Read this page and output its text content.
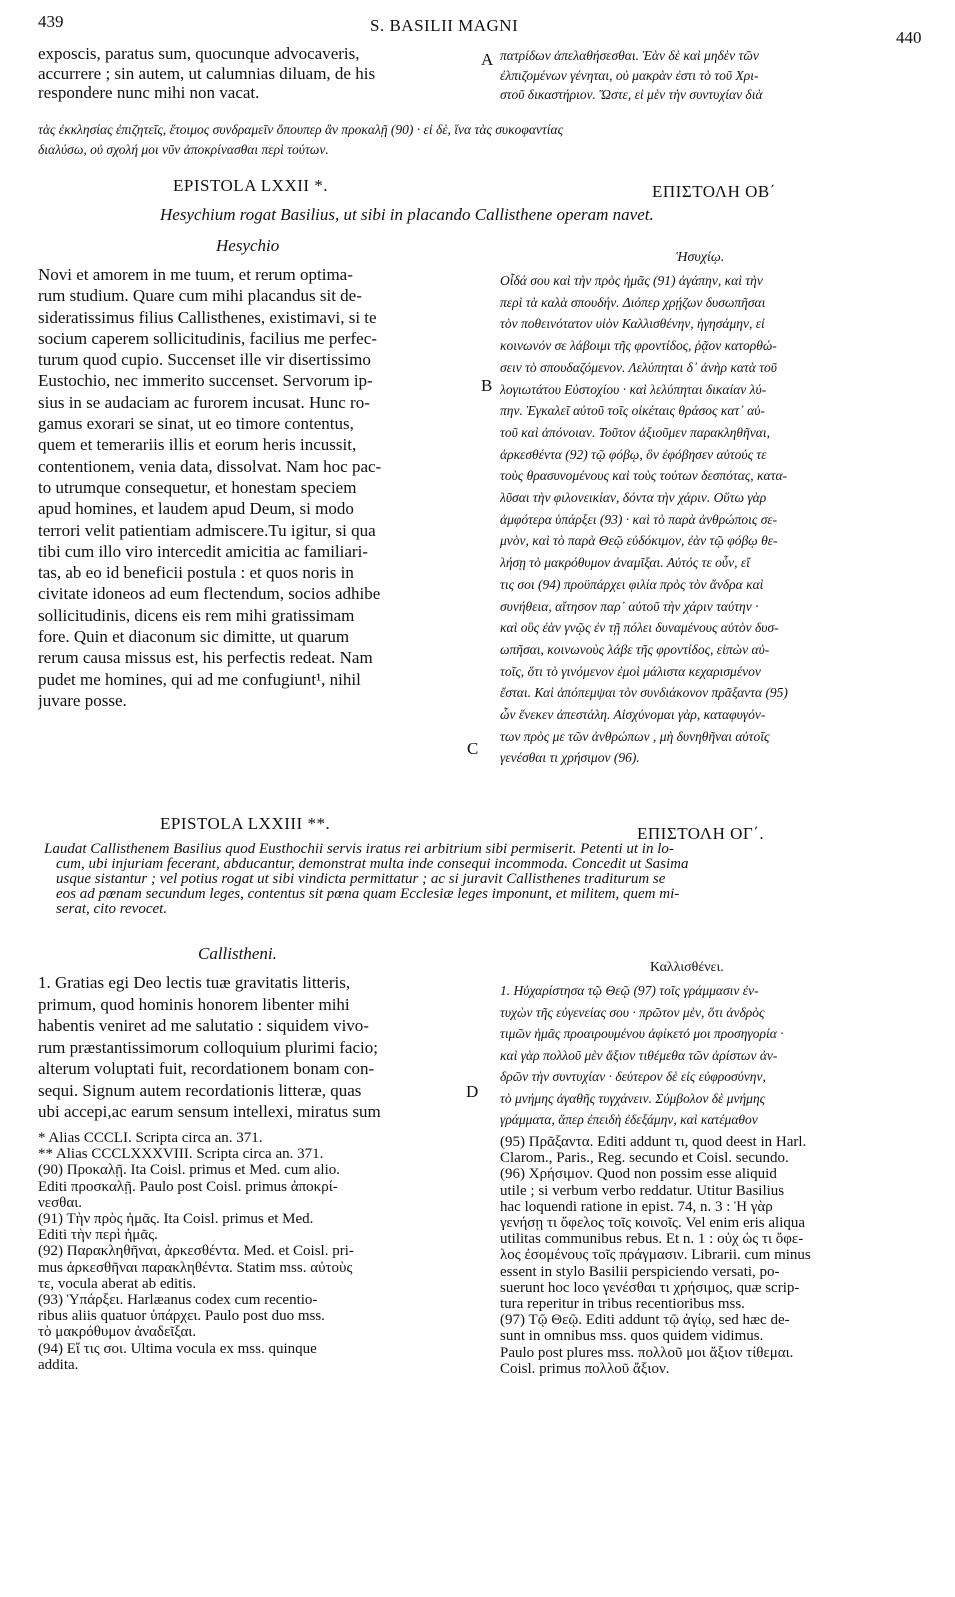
439	S. BASILII MAGNI
440
exposcis, paratus sum, quocunque advocaveris,
accurrere ; sin autem, ut calumnias diluam, de his
respondere nunc mihi non vacat.
A πατρίδων ἀπελαθήσεσθαι. Ἐὰν δὲ καὶ μηδὲν τῶν
ἐλπιζομένων γένηται, οὐ μακρὰν ἐστι τὸ τοῦ Χρι-
στοῦ δικαστήριον. Ὥστε, εἰ μὲν τὴν συντυχίαν διὰ
τὰς ἐκκλησίας ἐπιζητεῖς, ἕτοιμος συνδραμεῖν ὅπουπερ ἂν προκαλῇ (90) · εἰ δὲ, ἵνα τὰς συκοφαντίας
διαλύσω, οὐ σχολή μοι νῦν ἀποκρίνασθαι περὶ τούτων.
EPISTOLA LXXII *.	ΕΠΙΣΤΟΛΗ ΟΒ΄
Hesychium rogat Basilius, ut sibi in placando Callisthene operam navet.
Hesychio
Ἡσυχίῳ.
Novi et amorem in me tuum, et rerum optima-
rum studium. Quare cum mihi placandus sit de-
sideratissimus filius Callisthenes, existimavi, si te
socium caperem sollicitudinis, facilius me perfec-
turum quod cupio. Succenset ille vir disertissimo
Eustochio, nec immerito succenset. Servorum ip-
sius in se audaciam ac furorem incusat. Hunc ro-
gamus exorari se sinat, ut eo timore contentus,
quem et temerariis illis et eorum heris incussit,
contentionem, venia data, dissolvat. Nam hoc pac-
to utrumque consequetur, et honestam speciem
apud homines, et laudem apud Deum, si modo
terrori velit patientiam admiscere.Tu igitur, si qua
tibi cum illo viro intercedit amicitia ac familiari-
tas, ab eo id beneficii postula : et quos noris in
civitate idoneos ad eum flectendum, socios adhibe
sollicitudinis, dicens eis rem mihi gratissimam
fore. Quin et diaconum sic dimitte, ut quarum
rerum causa missus est, his perfectis redeat. Nam
pudet me homines, qui ad me confugiunt¹, nihil
juvare posse.
B
Οἶδά σου καὶ τὴν πρὸς ἡμᾶς (91) ἀγάπην, καὶ τὴν
περὶ τὰ καλὰ σπουδήν. Διόπερ χρῄζων δυσωπῆσαι
τὸν ποθεινότατον υἱὸν Καλλισθένην, ἡγησάμην, εἰ
κοινωνόν σε λάβοιμι τῆς φροντίδος, ῥᾷον κατορθώ-
σειν τὸ σπουδαζόμενον. Λελύπηται δ᾽ ἀνὴρ κατὰ τοῦ
λογιωτάτου Εὐστοχίου · καὶ λελύπηται δικαίαν λύ-
πην. Ἐγκαλεῖ αὐτοῦ τοῖς οἰκέταις θράσος κατ᾽ αὐ-
τοῦ καὶ ἀπόνοιαν. Τοῦτον ἀξιοῦμεν παρακληθῆναι,
ἀρκεσθέντα (92) τῷ φόβῳ, ὃν ἐφόβησεν αὐτούς τε
τοὺς θρασυνομένους καὶ τοὺς τούτων δεσπότας, κατα-
λῦσαι τὴν φιλονεικίαν, δόντα τὴν χάριν. Οὕτω γὰρ
ἀμφότερα ὑπάρξει (93) · καὶ τὸ παρὰ ἀνθρώποις σε-
μνὸν, καὶ τὸ παρὰ Θεῷ εὐδόκιμον, ἐὰν τῷ φόβῳ θε-
λήσῃ τὸ μακρόθυμον ἀναμῖξαι. Αὐτός τε οὖν, εἴ
τις σοι (94) προϋπάρχει φιλία πρὸς τὸν ἄνδρα καὶ
συνήθεια, αἴτησον παρ᾽ αὐτοῦ τὴν χάριν ταύτην ·
καὶ οὓς ἐὰν γνῷς ἐν τῇ πόλει δυναμένους αὐτὸν δυσ-
ωπῆσαι, κοινωνοὺς λάβε τῆς φροντίδος, εἰπὼν αὐ-
τοῖς, ὅτι τὸ γινόμενον ἐμοὶ μάλιστα κεχαρισμένον
ἔσται. Καὶ ἀπόπεμψαι τὸν συνδιάκονον πρᾶξαντα (95)
ὧν ἕνεκεν ἀπεστάλη. Αἰσχύνομαι γὰρ, καταφυγόν-
των πρὸς με τῶν ἀνθρώπων , μὴ δυνηθῆναι αὐτοῖς
γενέσθαι τι χρήσιμον (96).
C
EPISTOLA LXXIII **.
ΕΠΙΣΤΟΛΗ ΟΓ΄.
Laudat Callisthenem Basilius quod Eusthochii servis iratus rei arbitrium sibi permiserit. Petenti ut in lo-
cum, ubi injuriam fecerant, abducantur, demonstrat multa inde consequi incommoda. Concedit ut Sasima
usque sistantur ; vel potius rogat ut sibi vindicta permittatur ; ac si juravit Callisthenes traditurum se
eos ad pœnam secundum leges, contentus sit pœna quam Ecclesiæ leges imponunt, et militem, quem mi-
serat, cito revocet.
Callistheni.
Καλλισθένει.
1. Gratias egi Deo lectis tuæ gravitatis litteris,
primum, quod hominis honorem libenter mihi
habentis veniret ad me salutatio : siquidem vivo-
rum præstantissimorum colloquium plurimi facio;
alterum voluptati fuit, recordationem bonam con-
sequi. Signum autem recordationis litteræ, quas
ubi accepi,ac earum sensum intellexi, miratus sum
D
1. Ηὐχαρίστησα τῷ Θεῷ (97) τοῖς γράμμασιν ἐν-
τυχὼν τῆς εὐγενείας σου · πρῶτον μὲν, ὅτι ἀνδρὸς
τιμῶν ἡμᾶς προαιρουμένου ἀφίκετό μοι προσηγορία ·
καὶ γὰρ πολλοῦ μὲν ἄξιον τιθέμεθα τῶν ἀρίστων ἀν-
δρῶν τὴν συντυχίαν · δεύτερον δὲ εἰς εὐφροσύνην,
τὸ μνήμης ἀγαθῆς τυγχάνειν. Σύμβολον δὲ μνήμης
γράμματα, ἅπερ ἐπειδὴ ἐδεξάμην, καὶ κατέμαθον
* Alias CCCLI. Scripta circa an. 371.
** Alias CCCLXXXVIII. Scripta circa an. 371.
(90) Προκαλῇ. Ita Coisl. primus et Med. cum alio.
Editi προσκαλῇ. Paulo post Coisl. primus ἀποκρί-
νεσθαι.
(91) Τὴν πρὸς ἡμᾶς. Ita Coisl. primus et Med.
Editi τὴν περὶ ἡμᾶς.
(92) Παρακληθῆναι, ἀρκεσθέντα. Med. et Coisl. pri-
mus ἀρκεσθῆναι παρακληθέντα. Statim mss. αὐτοὺς
τε, vocula aberat ab editis.
(93) Ὑπάρξει. Harlæanus codex cum recentio-
ribus aliis quatuor ὑπάρχει. Paulo post duo mss.
τὸ μακρόθυμον ἀναδεῖξαι.
(94) Εἴ τις σοι. Ultima vocula ex mss. quinque
addita.
(95) Πρᾶξαντα. Editi addunt τι, quod deest in Harl.
Clarom., Paris., Reg. secundo et Coisl. secundo.
(96) Χρήσιμον. Quod non possim esse aliquid
utile ; si verbum verbo reddatur. Utitur Basilius
hac loquendi ratione in epist. 74, n. 3 : Ἡ γὰρ
γενήσῃ τι ὄφελος τοῖς κοινοῖς. Vel enim eris aliqua
utilitas communibus rebus. Et n. 1 : οὐχ ὡς τι ὄφε-
λος ἐσομένους τοῖς πράγμασιν. Librarii. cum minus
essent in stylo Basilii perspiciendo versati, po-
suerunt hoc loco γενέσθαι τι χρήσιμος, quæ scrip-
tura reperitur in tribus recentioribus mss.
(97) Τῷ Θεῷ. Editi addunt τῷ ἁγίῳ, sed hæc de-
sunt in omnibus mss. quos quidem vidimus.
Paulo post plures mss. πολλοῦ μοι ἄξιον τίθεμαι.
Coisl. primus πολλοῦ ἄξιον.
